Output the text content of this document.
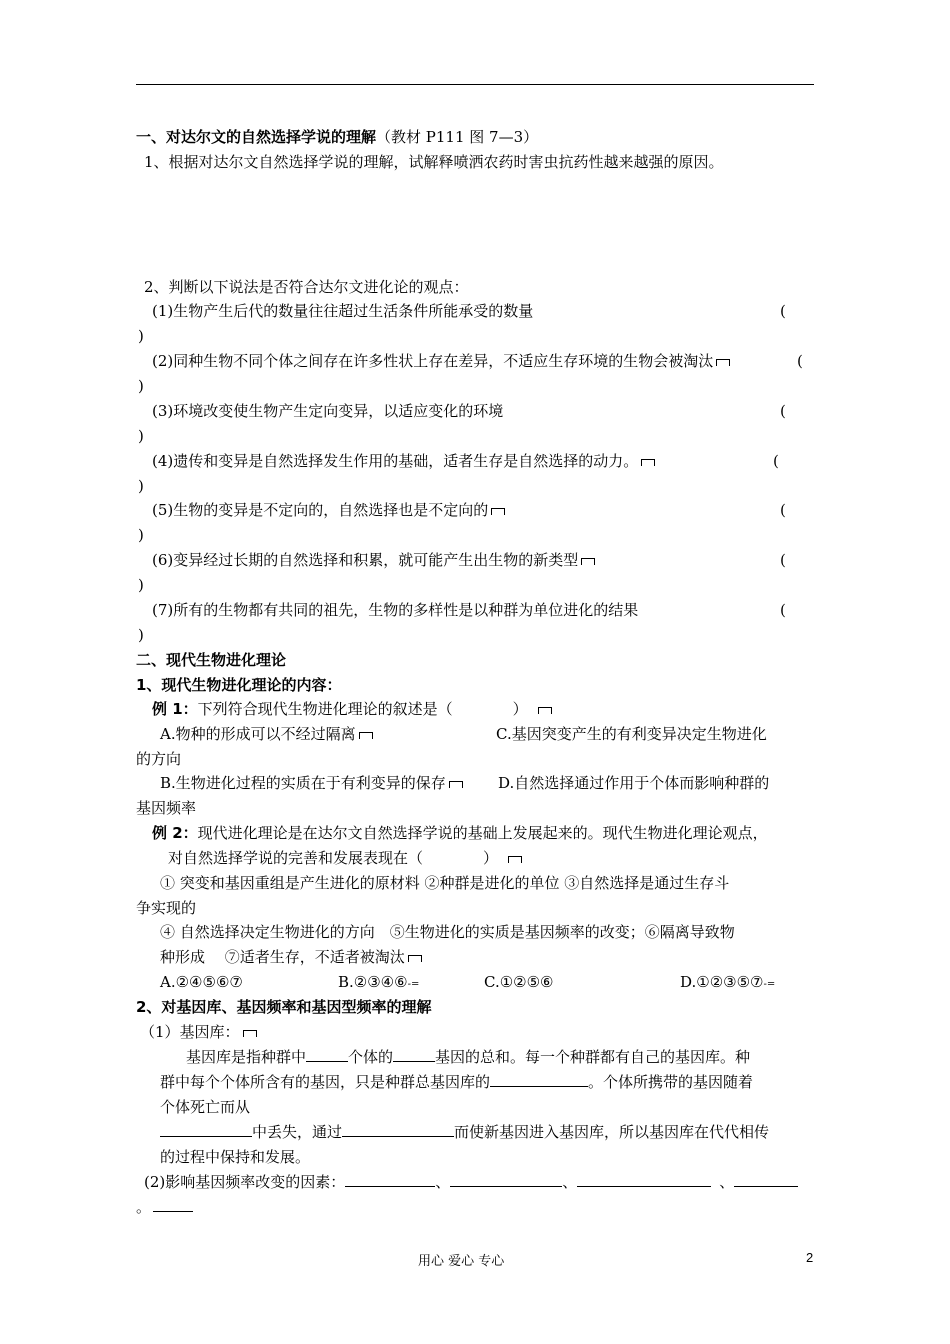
一、对达尔文的自然选择学说的理解（教材 P111 图 7—3）
1、根据对达尔文自然选择学说的理解，试解释喷洒农药时害虫抗药性越来越强的原因。
2、判断以下说法是否符合达尔文进化论的观点：
(1)生物产生后代的数量往往超过生活条件所能承受的数量	(
)
(2)同种生物不同个体之间存在许多性状上存在差异，不适应生存环境的生物会被淘汰	(
)
(3)环境改变使生物产生定向变异，以适应变化的环境	(
)
(4)遗传和变异是自然选择发生作用的基础，适者生存是自然选择的动力。	(
)
(5)生物的变异是不定向的，自然选择也是不定向的	(
)
(6)变异经过长期的自然选择和积累，就可能产生出生物的新类型	(
)
(7)所有的生物都有共同的祖先，生物的多样性是以种群为单位进化的结果	(
)
二、现代生物进化理论
1、现代生物进化理论的内容：
例 1：下列符合现代生物进化理论的叙述是（　　　　）
A.物种的形成可以不经过隔离	C.基因突变产生的有利变异决定生物进化
的方向
B.生物进化过程的实质在于有利变异的保存	D.自然选择通过作用于个体而影响种群的
基因频率
例 2：现代进化理论是在达尔文自然选择学说的基础上发展起来的。现代生物进化理论观点，
对自然选择学说的完善和发展表现在（　　　　）
① 突变和基因重组是产生进化的原材料 ②种群是进化的单位 ③自然选择是通过生存斗
争实现的
④ 自然选择决定生物进化的方向　⑤生物进化的实质是基因频率的改变；⑥隔离导致物
种形成　 ⑦适者生存，不适者被淘汰
A.②④⑤⑥⑦	B.②③④⑥-=	C.①②⑤⑥	D.①②③⑤⑦-=
2、对基因库、基因频率和基因型频率的理解
（1）基因库：
基因库是指种群中	个体的	基因的总和。每一个种群都有自己的基因库。种
群中每个个体所含有的基因，只是种群总基因库的	。个体所携带的基因随着
个体死亡而从
中丢失，通过	而使新基因进入基因库，所以基因库在代代相传
的过程中保持和发展。
(2)影响基因频率改变的因素：	、	、	、
。
用心 爱心 专心	2
